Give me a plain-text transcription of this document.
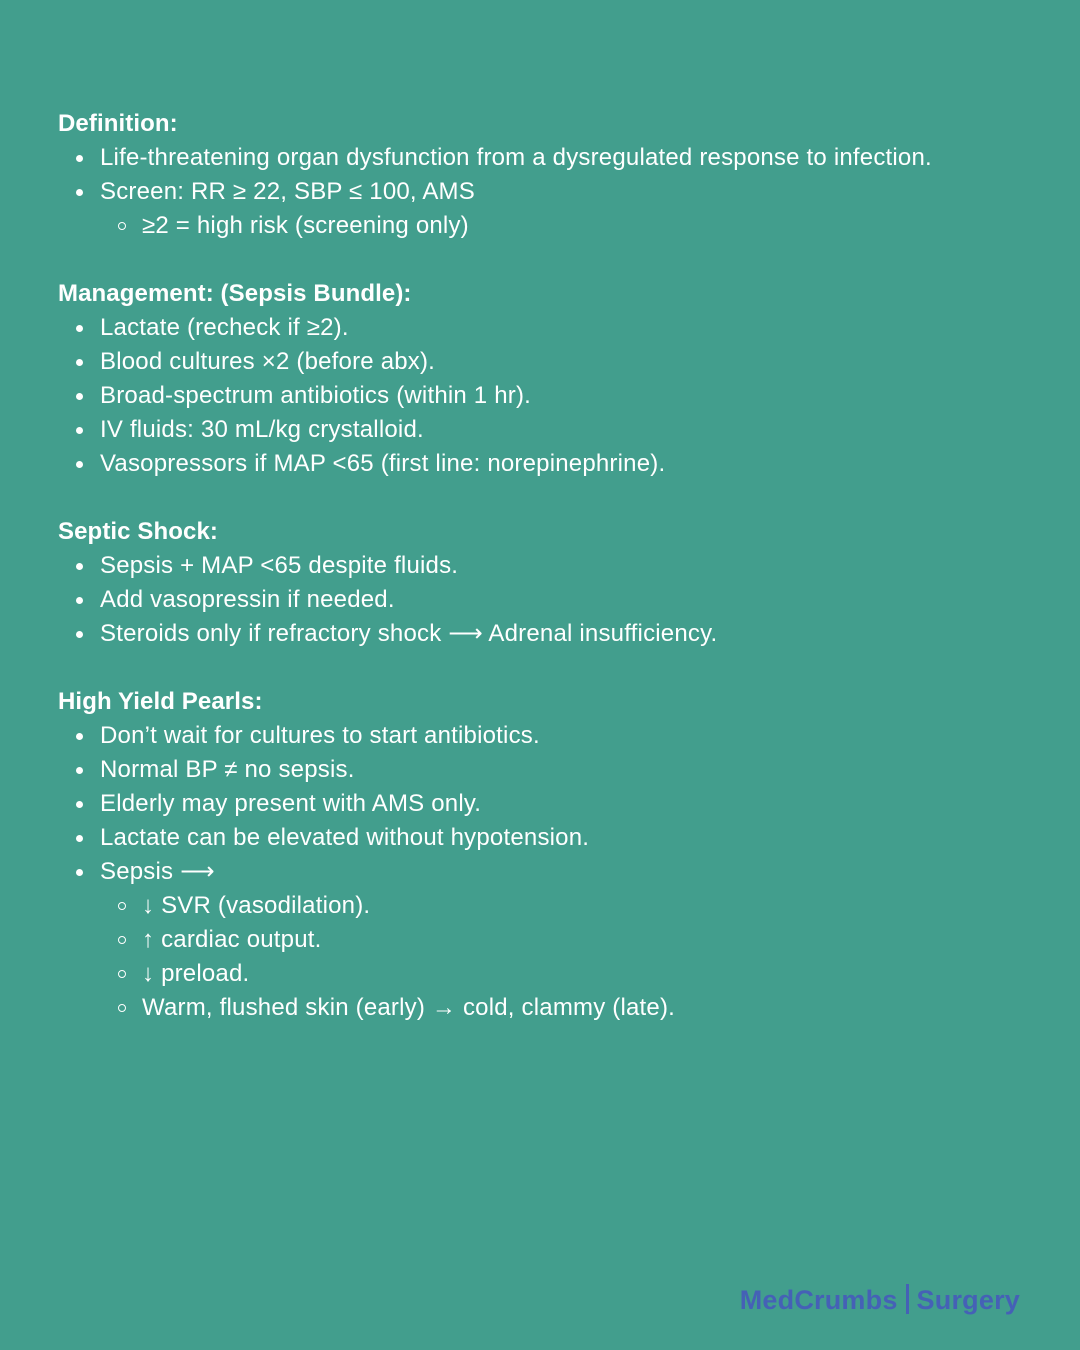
Definition:
Life-threatening organ dysfunction from a dysregulated response to infection.
Screen: RR ≥ 22, SBP ≤ 100, AMS
≥2 = high risk (screening only)
Management: (Sepsis Bundle):
Lactate (recheck if ≥2).
Blood cultures ×2 (before abx).
Broad-spectrum antibiotics (within 1 hr).
IV fluids: 30 mL/kg crystalloid.
Vasopressors if MAP <65 (first line: norepinephrine).
Septic Shock:
Sepsis + MAP <65 despite fluids.
Add vasopressin if needed.
Steroids only if refractory shock ⟶ Adrenal insufficiency.
High Yield Pearls:
Don’t wait for cultures to start antibiotics.
Normal BP ≠ no sepsis.
Elderly may present with AMS only.
Lactate can be elevated without hypotension.
Sepsis ⟶
↓ SVR (vasodilation).
↑ cardiac output.
↓ preload.
Warm, flushed skin (early) → cold, clammy (late).
MedCrumbs Surgery
